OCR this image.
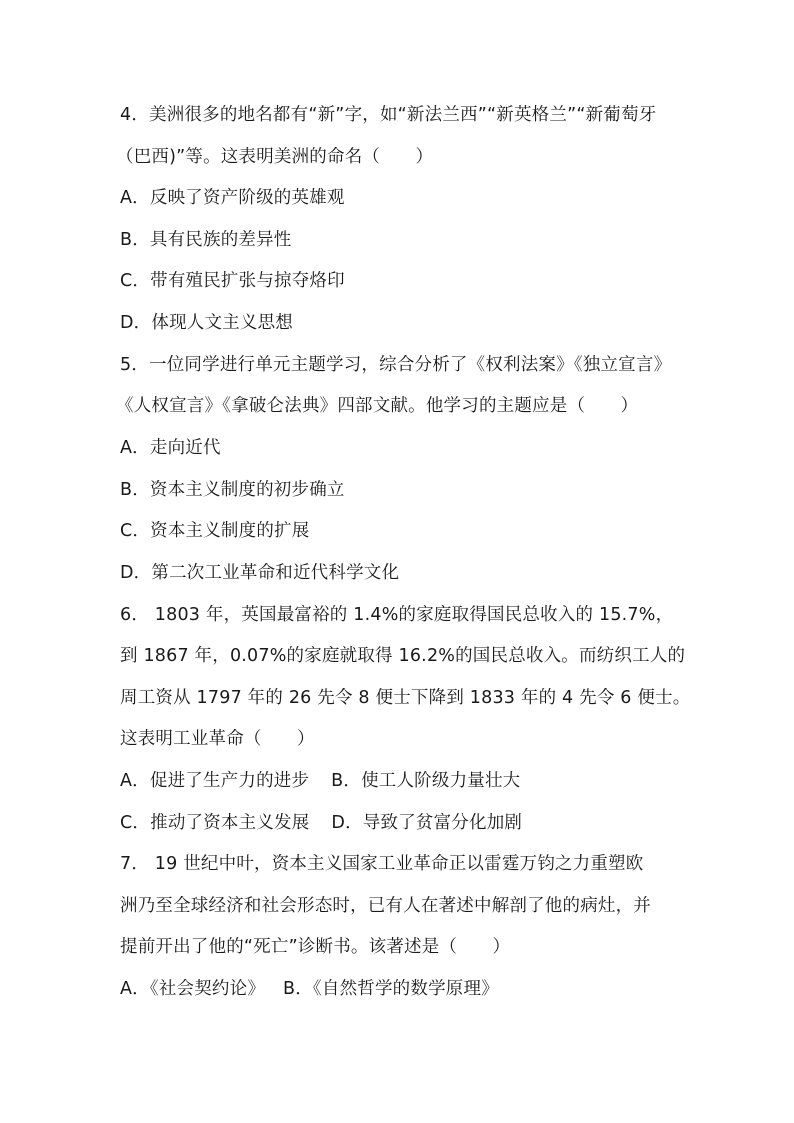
4．美洲很多的地名都有“新”字，如“新法兰西”“新英格兰”“新葡萄牙
（巴西)”等。这表明美洲的命名（　　）
A．反映了资产阶级的英雄观
B．具有民族的差异性
C．带有殖民扩张与掠夺烙印
D．体现人文主义思想
5．一位同学进行单元主题学习，综合分析了《权利法案》《独立宣言》
《人权宣言》《拿破仑法典》四部文献。他学习的主题应是（　　）
A．走向近代
B．资本主义制度的初步确立
C．资本主义制度的扩展
D．第二次工业革命和近代科学文化
6． 1803 年，英国最富裕的 1.4%的家庭取得国民总收入的 15.7%，
到 1867 年，0.07%的家庭就取得 16.2%的国民总收入。而纺织工人的
周工资从 1797 年的 26 先令 8 便士下降到 1833 年的 4 先令 6 便士。
这表明工业革命（　　）
A．促进了生产力的进步 B．使工人阶级力量壮大
C．推动了资本主义发展 D．导致了贫富分化加剧
7． 19 世纪中叶，资本主义国家工业革命正以雷霆万钧之力重塑欧
洲乃至全球经济和社会形态时，已有人在著述中解剖了他的病灶，并
提前开出了他的“死亡”诊断书。该著述是（　　）
A．《社会契约论》 B．《自然哲学的数学原理》
